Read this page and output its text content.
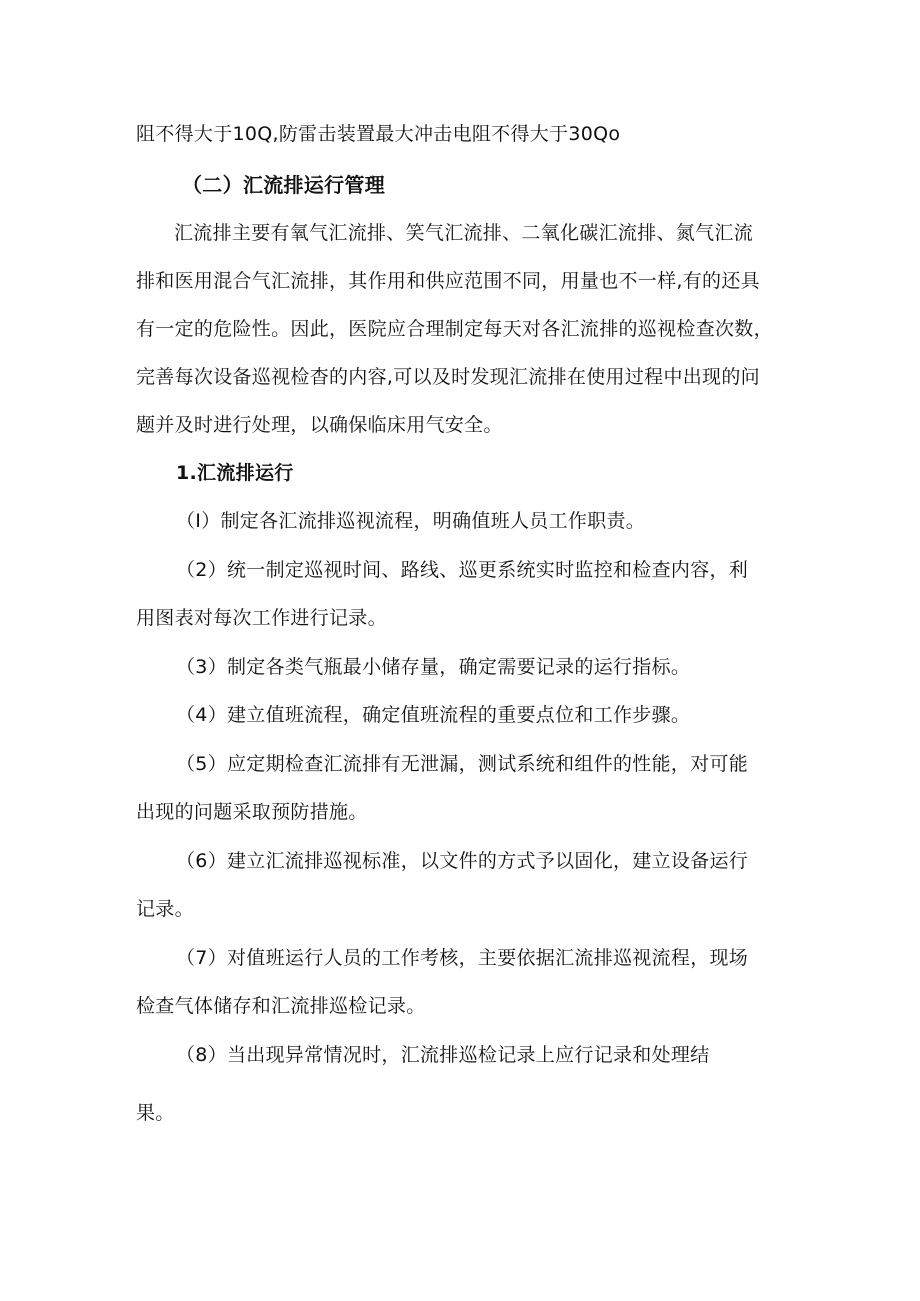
阻不得大于10Q,防雷击装置最大冲击电阻不得大于30Qo
（二）汇流排运行管理
汇流排主要有氧气汇流排、笑气汇流排、二氧化碳汇流排、氮气汇流
排和医用混合气汇流排，其作用和供应范围不同，用量也不一样,有的还具
有一定的危险性。因此，医院应合理制定每天对各汇流排的巡视检查次数，
完善每次设备巡视检杳的内容,可以及时发现汇流排在使用过程中出现的问
题并及时进行处理，以确保临床用气安全。
1.汇流排运行
（I）制定各汇流排巡视流程，明确值班人员工作职责。
（2）统一制定巡视时间、路线、巡更系统实时监控和检查内容，利
用图表对每次工作进行记录。
（3）制定各类气瓶最小储存量，确定需要记录的运行指标。
（4）建立值班流程，确定值班流程的重要点位和工作步骤。
（5）应定期检查汇流排有无泄漏，测试系统和组件的性能，对可能
出现的问题采取预防措施。
（6）建立汇流排巡视标准，以文件的方式予以固化，建立设备运行
记录。
（7）对值班运行人员的工作考核，主要依据汇流排巡视流程，现场
检查气体储存和汇流排巡检记录。
（8）当出现异常情况时，汇流排巡检记录上应行记录和处理结
果。
